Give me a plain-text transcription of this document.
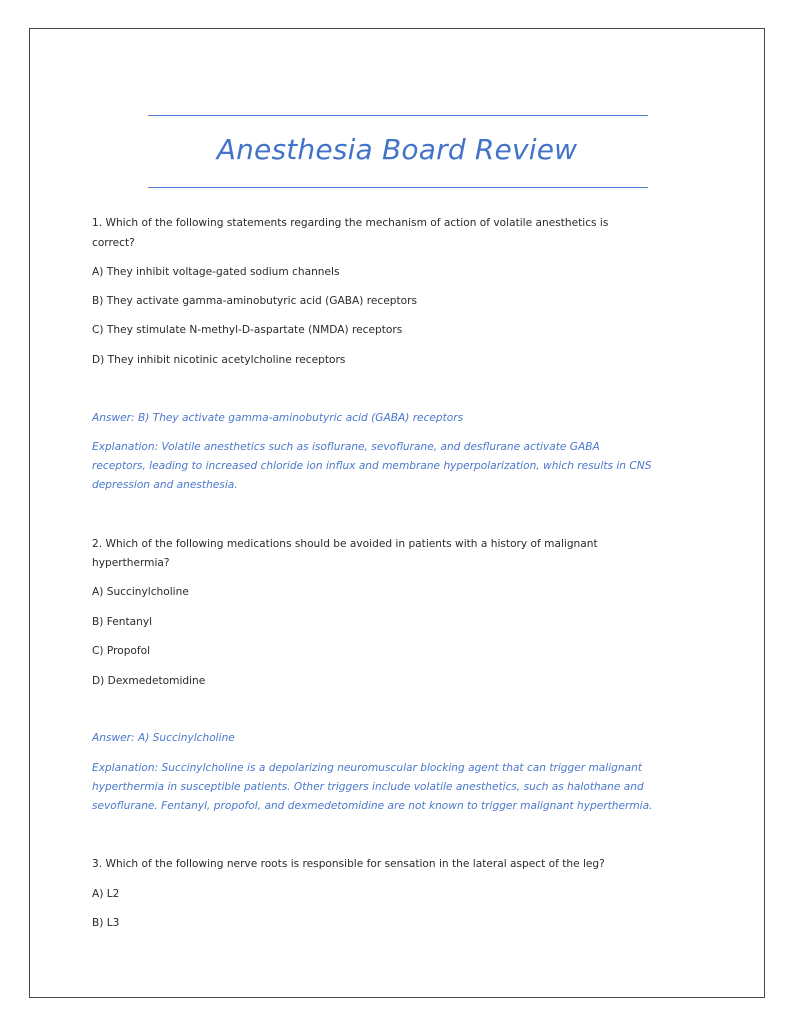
Anesthesia Board Review
1. Which of the following statements regarding the mechanism of action of volatile anesthetics is
correct?
A) They inhibit voltage-gated sodium channels
B) They activate gamma-aminobutyric acid (GABA) receptors
C) They stimulate N-methyl-D-aspartate (NMDA) receptors
D) They inhibit nicotinic acetylcholine receptors
Answer: B) They activate gamma-aminobutyric acid (GABA) receptors
Explanation: Volatile anesthetics such as isoflurane, sevoflurane, and desflurane activate GABA
receptors, leading to increased chloride ion influx and membrane hyperpolarization, which results in CNS
depression and anesthesia.
2. Which of the following medications should be avoided in patients with a history of malignant
hyperthermia?
A) Succinylcholine
B) Fentanyl
C) Propofol
D) Dexmedetomidine
Answer: A) Succinylcholine
Explanation: Succinylcholine is a depolarizing neuromuscular blocking agent that can trigger malignant
hyperthermia in susceptible patients. Other triggers include volatile anesthetics, such as halothane and
sevoflurane. Fentanyl, propofol, and dexmedetomidine are not known to trigger malignant hyperthermia.
3. Which of the following nerve roots is responsible for sensation in the lateral aspect of the leg?
A) L2
B) L3
